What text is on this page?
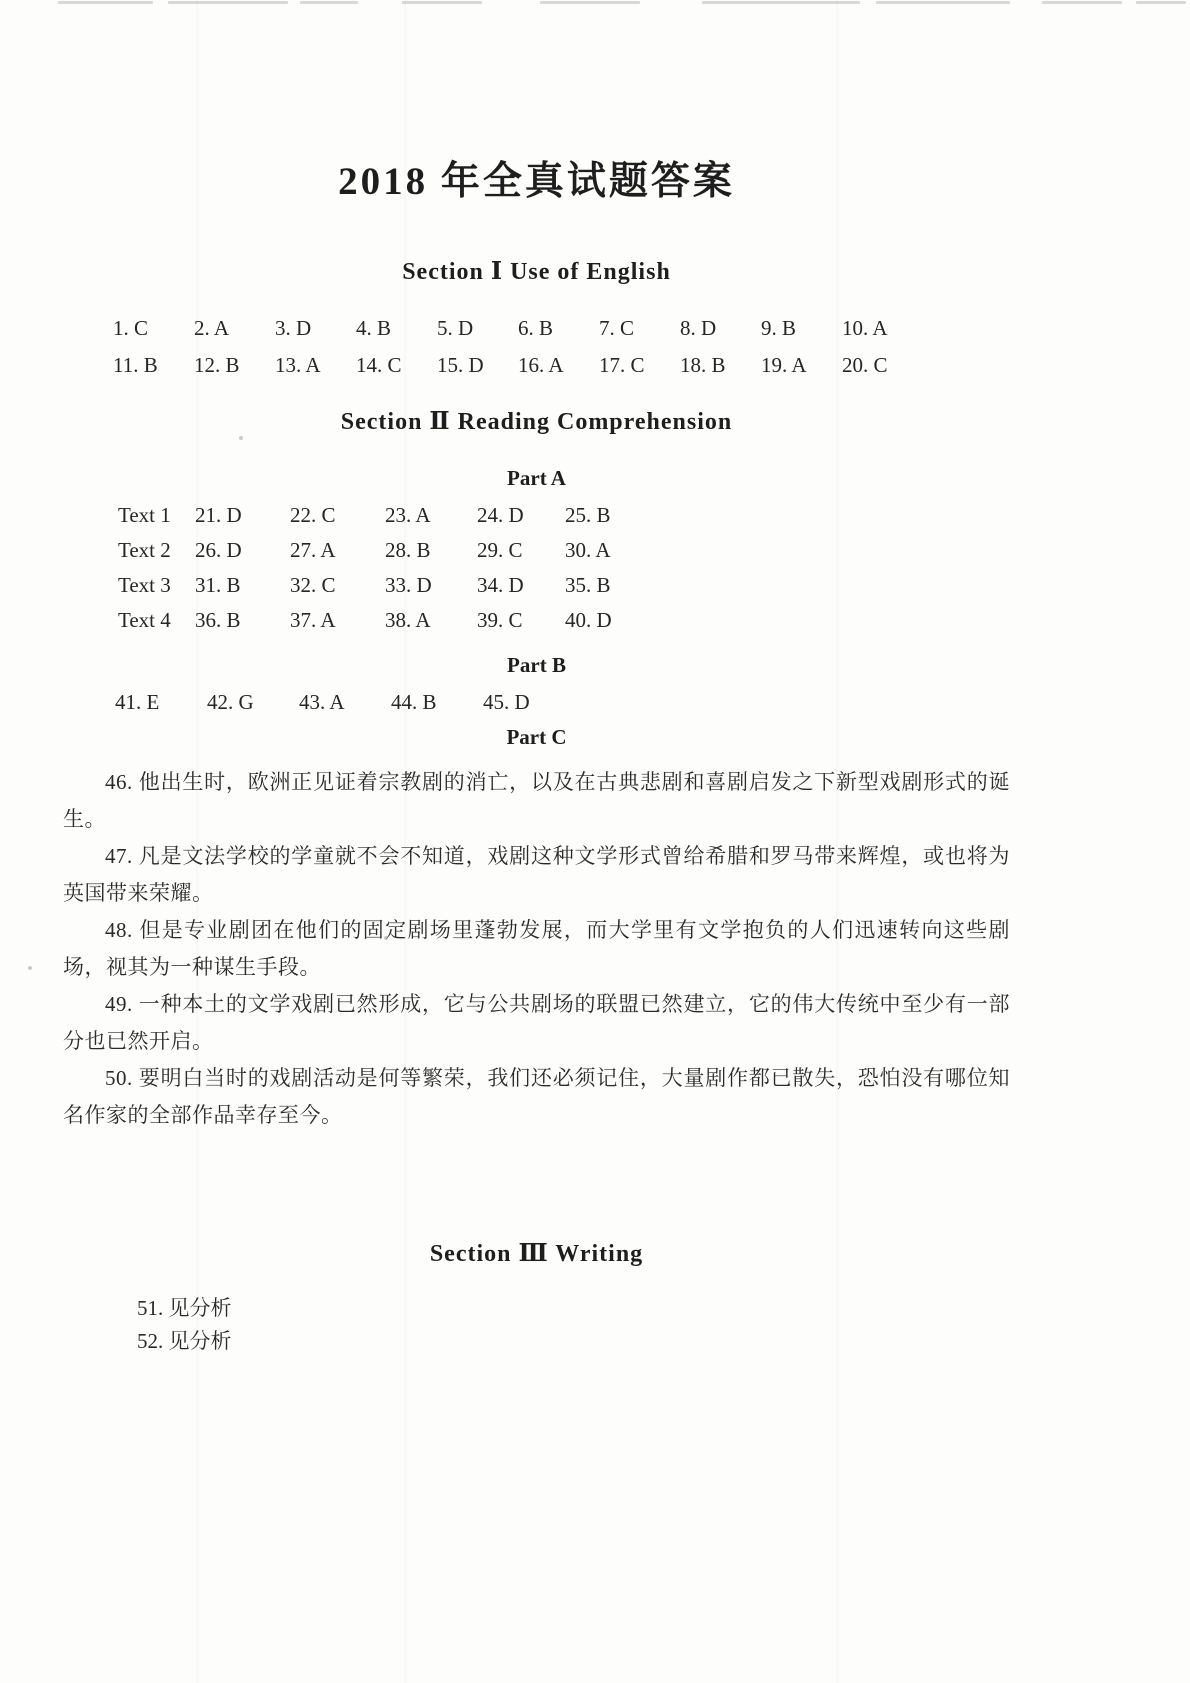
2018 年全真试题答案
Section Ⅰ Use of English
1. C	2. A	3. D	4. B	5. D	6. B	7. C	8. D	9. B	10. A
11. B	12. B	13. A	14. C	15. D	16. A	17. C	18. B	19. A	20. C
Section Ⅱ Reading Comprehension
Part A
Text 1	21. D	22. C	23. A	24. D	25. B
Text 2	26. D	27. A	28. B	29. C	30. A
Text 3	31. B	32. C	33. D	34. D	35. B
Text 4	36. B	37. A	38. A	39. C	40. D
Part B
41. E	42. G	43. A	44. B	45. D
Part C

46. 他出生时，欧洲正见证着宗教剧的消亡，以及在古典悲剧和喜剧启发之下新型戏剧形式的诞生。

47. 凡是文法学校的学童就不会不知道，戏剧这种文学形式曾给希腊和罗马带来辉煌，或也将为英国带来荣耀。

48. 但是专业剧团在他们的固定剧场里蓬勃发展，而大学里有文学抱负的人们迅速转向这些剧场，视其为一种谋生手段。

49. 一种本土的文学戏剧已然形成，它与公共剧场的联盟已然建立，它的伟大传统中至少有一部分也已然开启。

50. 要明白当时的戏剧活动是何等繁荣，我们还必须记住，大量剧作都已散失，恐怕没有哪位知名作家的全部作品幸存至今。

Section Ⅲ Writing

51. 见分析

52. 见分析
